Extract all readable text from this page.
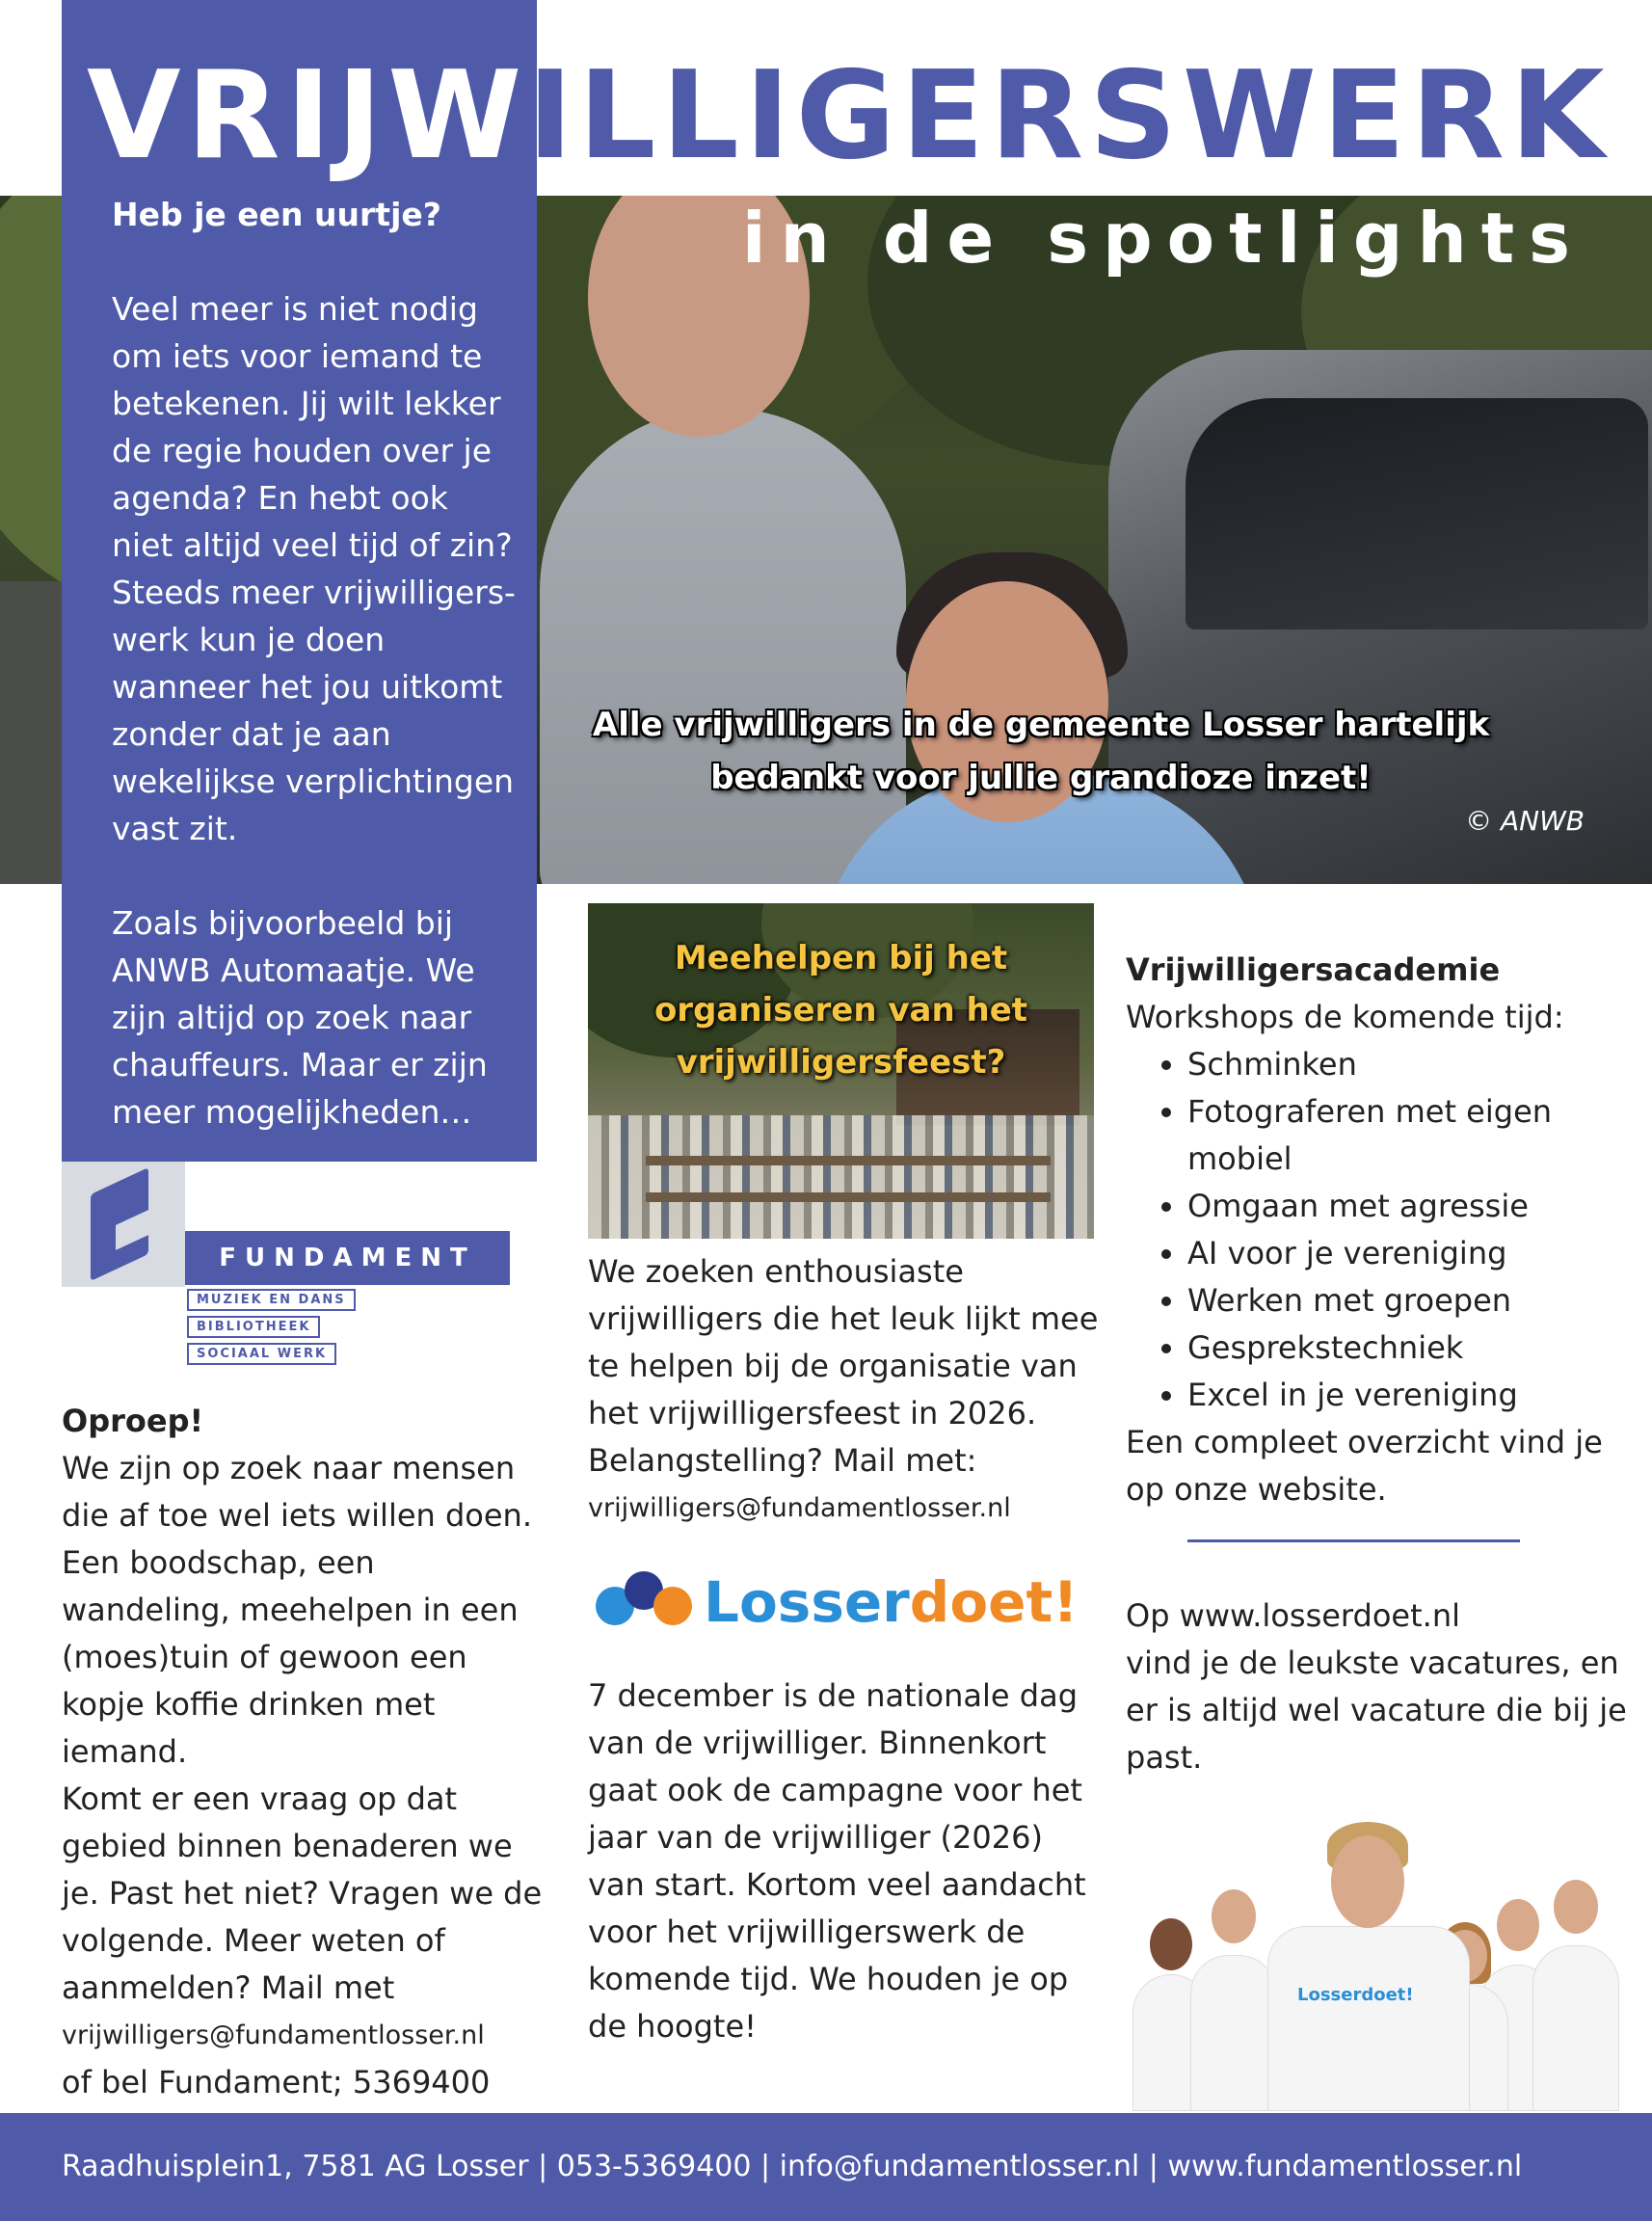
Heb je een uurtje?

Veel meer is niet nodig om iets voor iemand te betekenen. Jij wilt lekker de regie houden over je agenda? En hebt ook niet altijd veel tijd of zin? Steeds meer vrijwilligers-werk kun je doen wanneer het jou uitkomt zonder dat je aan wekelijkse verplichtingen vast zit.

Zoals bijvoorbeeld bij ANWB Automaatje. We zijn altijd op zoek naar chauffeurs. Maar er zijn meer mogelijkheden…

VRIJWILLIGERSWERK
in de spotlights
Alle vrijwilligers in de gemeente Losser hartelijk bedankt voor jullie grandioze inzet!
© ANWB
FUNDAMENT
MUZIEK EN DANS
BIBLIOTHEEK
SOCIAAL WERK
Oproep!

We zijn op zoek naar mensen die af toe wel iets willen doen. Een boodschap, een wandeling, meehelpen in een (moes)tuin of gewoon een kopje koffie drinken met iemand.

Komt er een vraag op dat gebied binnen benaderen we je. Past het niet? Vragen we de volgende. Meer weten of aanmelden? Mail met

vrijwilligers@fundamentlosser.nl

of bel Fundament; 5369400

Meehelpen bij het organiseren van het vrijwilligersfeest?

We zoeken enthousiaste vrijwilligers die het leuk lijkt mee te helpen bij de organisatie van het vrijwilligersfeest in 2026. Belangstelling? Mail met:

vrijwilligers@fundamentlosser.nl

Losserdoet!

7 december is de nationale dag van de vrijwilliger. Binnenkort gaat ook de campagne voor het jaar van de vrijwilliger (2026) van start. Kortom veel aandacht voor het vrijwilligerswerk de komende tijd. We houden je op de hoogte!

Vrijwilligersacademie

Workshops de komende tijd:

• Schminken
• Fotograferen met eigen mobiel
• Omgaan met agressie
• AI voor je vereniging
• Werken met groepen
• Gesprekstechniek
• Excel in je vereniging

Een compleet overzicht vind je op onze website.

Op www.losserdoet.nl

vind je de leukste vacatures, en er is altijd wel vacature die bij je past.

Losserdoet!
Raadhuisplein1, 7581 AG Losser | 053-5369400 | info@fundamentlosser.nl | www.fundamentlosser.nl
